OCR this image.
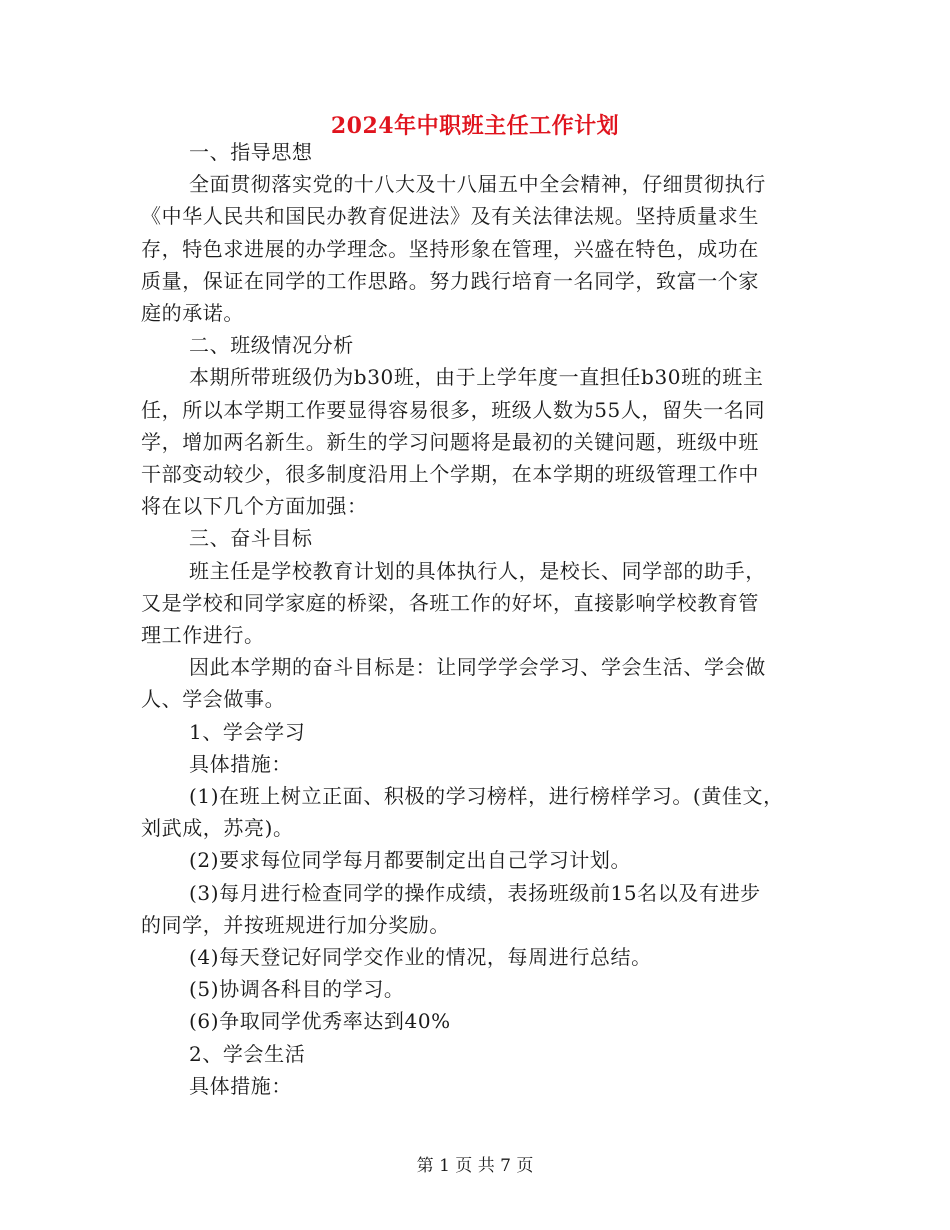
2024年中职班主任工作计划
一、指导思想
全面贯彻落实党的十八大及十八届五中全会精神，仔细贯彻执行
《中华人民共和国民办教育促进法》及有关法律法规。坚持质量求生
存，特色求进展的办学理念。坚持形象在管理，兴盛在特色，成功在
质量，保证在同学的工作思路。努力践行培育一名同学，致富一个家
庭的承诺。
二、班级情况分析
本期所带班级仍为b30班，由于上学年度一直担任b30班的班主
任，所以本学期工作要显得容易很多，班级人数为55人，留失一名同
学，增加两名新生。新生的学习问题将是最初的关键问题，班级中班
干部变动较少，很多制度沿用上个学期，在本学期的班级管理工作中
将在以下几个方面加强：
三、奋斗目标
班主任是学校教育计划的具体执行人，是校长、同学部的助手，
又是学校和同学家庭的桥梁，各班工作的好坏，直接影响学校教育管
理工作进行。
因此本学期的奋斗目标是：让同学学会学习、学会生活、学会做
人、学会做事。
1、学会学习
具体措施：
(1)在班上树立正面、积极的学习榜样，进行榜样学习。(黄佳文，
刘武成，苏亮)。
(2)要求每位同学每月都要制定出自己学习计划。
(3)每月进行检查同学的操作成绩，表扬班级前15名以及有进步
的同学，并按班规进行加分奖励。
(4)每天登记好同学交作业的情况，每周进行总结。
(5)协调各科目的学习。
(6)争取同学优秀率达到40%
2、学会生活
具体措施：
第 1 页 共 7 页
